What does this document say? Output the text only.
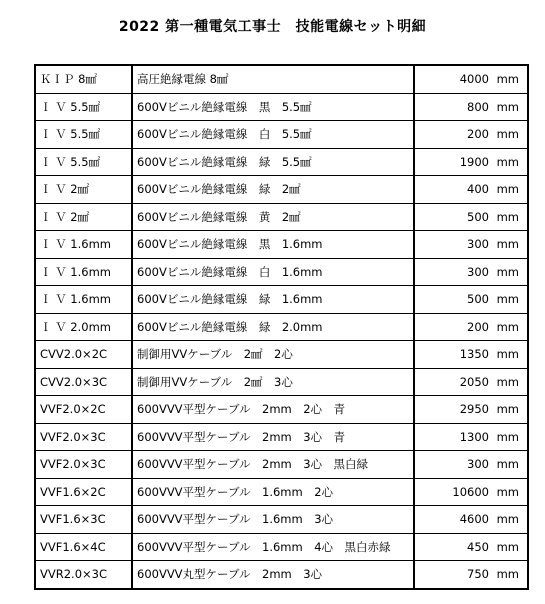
2022 第一種電気工事士　技能電線セット明細
ＫＩＰ 8㎟	高圧絶縁電線 8㎟	4000 mm
Ｉ Ｖ 5.5㎟	600Vビニル絶縁電線　黒　5.5㎟	800 mm
Ｉ Ｖ 5.5㎟	600Vビニル絶縁電線　白　5.5㎟	200 mm
Ｉ Ｖ 5.5㎟	600Vビニル絶縁電線　緑　5.5㎟	1900 mm
Ｉ Ｖ 2㎟	600Vビニル絶縁電線　緑　2㎟	400 mm
Ｉ Ｖ 2㎟	600Vビニル絶縁電線　黄　2㎟	500 mm
Ｉ Ｖ 1.6mm	600Vビニル絶縁電線　黒　1.6mm	300 mm
Ｉ Ｖ 1.6mm	600Vビニル絶縁電線　白　1.6mm	300 mm
Ｉ Ｖ 1.6mm	600Vビニル絶縁電線　緑　1.6mm	500 mm
Ｉ Ｖ 2.0mm	600Vビニル絶縁電線　緑　2.0mm	200 mm
CVV2.0×2C	制御用VVケーブル　2㎟　2心	1350 mm
CVV2.0×3C	制御用VVケーブル　2㎟　3心	2050 mm
VVF2.0×2C	600VVV平型ケーブル　2mm　2心　青	2950 mm
VVF2.0×3C	600VVV平型ケーブル　2mm　3心　青	1300 mm
VVF2.0×3C	600VVV平型ケーブル　2mm　3心　黒白緑	300 mm
VVF1.6×2C	600VVV平型ケーブル　1.6mm　2心	10600 mm
VVF1.6×3C	600VVV平型ケーブル　1.6mm　3心	4600 mm
VVF1.6×4C	600VVV平型ケーブル　1.6mm　4心　黒白赤緑	450 mm
VVR2.0×3C	600VVV丸型ケーブル　2mm　3心	750 mm
